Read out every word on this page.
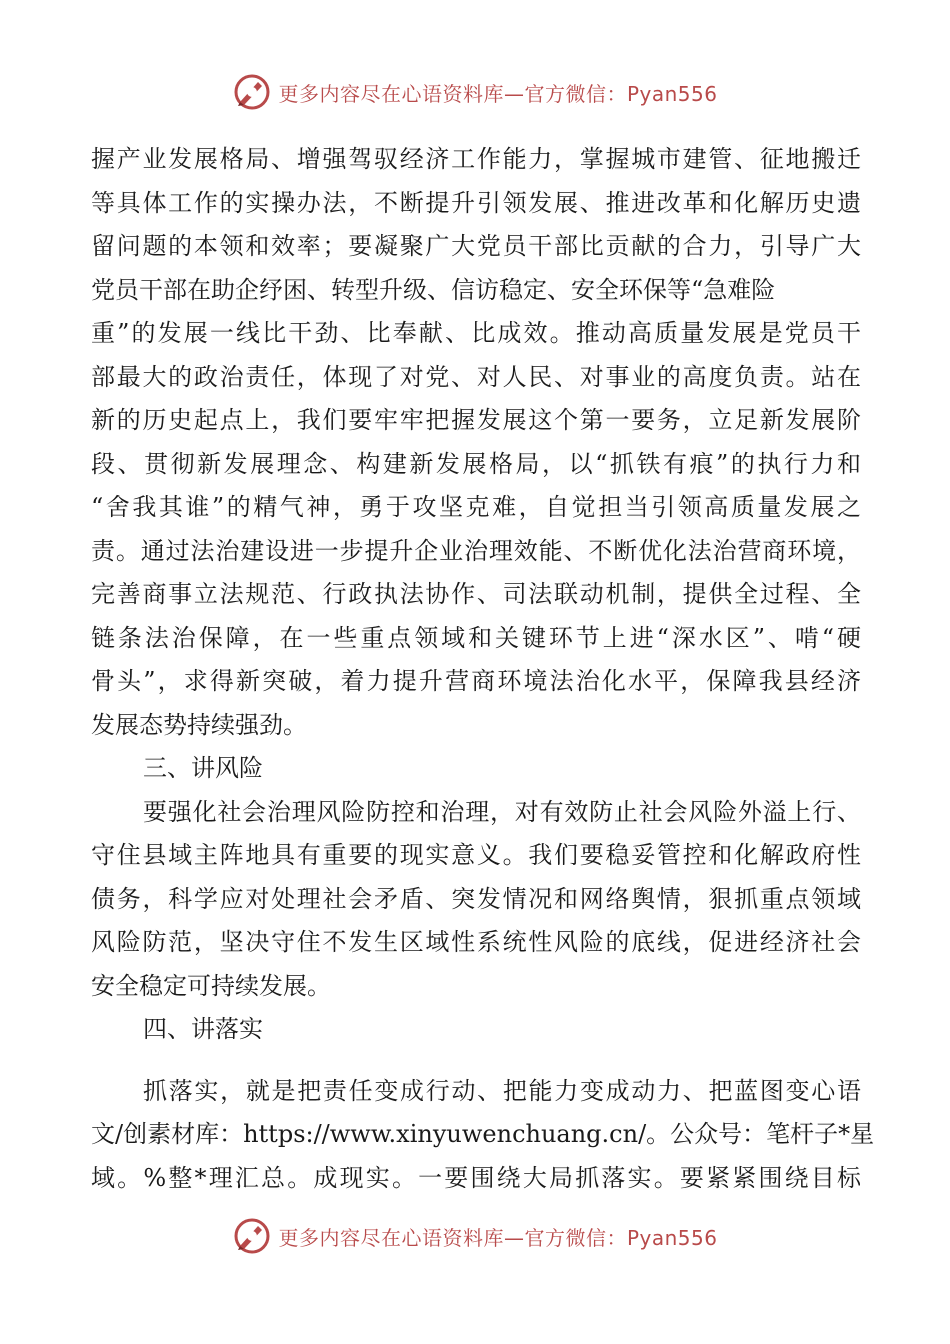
更多内容尽在心语资料库—官方微信：Pyan556
握产业发展格局、增强驾驭经济工作能力，掌握城市建管、征地搬迁
等具体工作的实操办法，不断提升引领发展、推进改革和化解历史遗
留问题的本领和效率；要凝聚广大党员干部比贡献的合力，引导广大
党员干部在助企纾困、转型升级、信访稳定、安全环保等“急难险
重”的发展一线比干劲、比奉献、比成效。推动高质量发展是党员干
部最大的政治责任，体现了对党、对人民、对事业的高度负责。站在
新的历史起点上，我们要牢牢把握发展这个第一要务，立足新发展阶
段、贯彻新发展理念、构建新发展格局，以“抓铁有痕”的执行力和
“舍我其谁”的精气神，勇于攻坚克难，自觉担当引领高质量发展之
责。通过法治建设进一步提升企业治理效能、不断优化法治营商环境，
完善商事立法规范、行政执法协作、司法联动机制，提供全过程、全
链条法治保障，在一些重点领域和关键环节上进“深水区”、啃“硬
骨头”，求得新突破，着力提升营商环境法治化水平，保障我县经济
发展态势持续强劲。
三、讲风险
要强化社会治理风险防控和治理，对有效防止社会风险外溢上行、
守住县域主阵地具有重要的现实意义。我们要稳妥管控和化解政府性
债务，科学应对处理社会矛盾、突发情况和网络舆情，狠抓重点领域
风险防范，坚决守住不发生区域性系统性风险的底线，促进经济社会
安全稳定可持续发展。
四、讲落实
抓落实，就是把责任变成行动、把能力变成动力、把蓝图变心语
文/创素材库：https://www.xinyuwenchuang.cn/。公众号：笔杆子*星
域。%整*理汇总。成现实。一要围绕大局抓落实。要紧紧围绕目标
更多内容尽在心语资料库—官方微信：Pyan556
